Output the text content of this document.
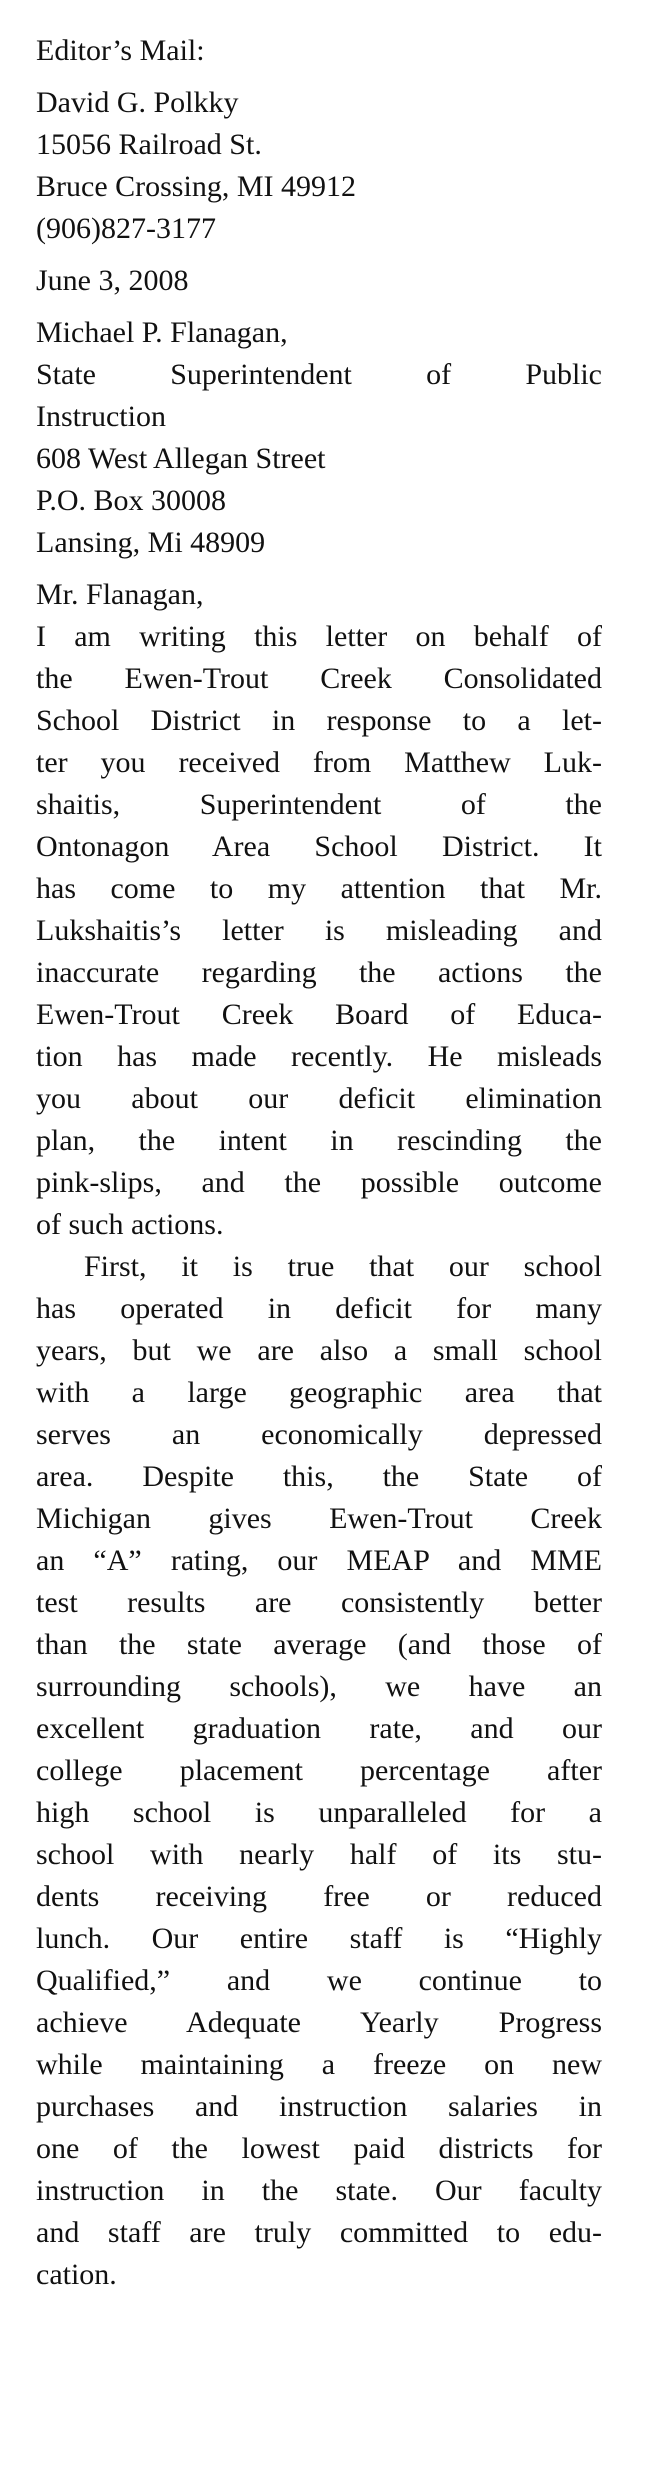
Editor’s Mail:
David G. Polkky
15056 Railroad St.
Bruce Crossing, MI 49912
(906)827-3177
June 3, 2008
Michael P. Flanagan,
State Superintendent of Public
Instruction
608 West Allegan Street
P.O. Box 30008
Lansing, Mi 48909
Mr. Flanagan,
I am writing this letter on behalf of
the Ewen-Trout Creek Consolidated
School District in response to a let-
ter you received from Matthew Luk-
shaitis, Superintendent of the
Ontonagon Area School District. It
has come to my attention that Mr.
Lukshaitis’s letter is misleading and
inaccurate regarding the actions the
Ewen-Trout Creek Board of Educa-
tion has made recently. He misleads
you about our deficit elimination
plan, the intent in rescinding the
pink-slips, and the possible outcome
of such actions.
First, it is true that our school
has operated in deficit for many
years, but we are also a small school
with a large geographic area that
serves an economically depressed
area. Despite this, the State of
Michigan gives Ewen-Trout Creek
an “A” rating, our MEAP and MME
test results are consistently better
than the state average (and those of
surrounding schools), we have an
excellent graduation rate, and our
college placement percentage after
high school is unparalleled for a
school with nearly half of its stu-
dents receiving free or reduced
lunch. Our entire staff is “Highly
Qualified,” and we continue to
achieve Adequate Yearly Progress
while maintaining a freeze on new
purchases and instruction salaries in
one of the lowest paid districts for
instruction in the state. Our faculty
and staff are truly committed to edu-
cation.
